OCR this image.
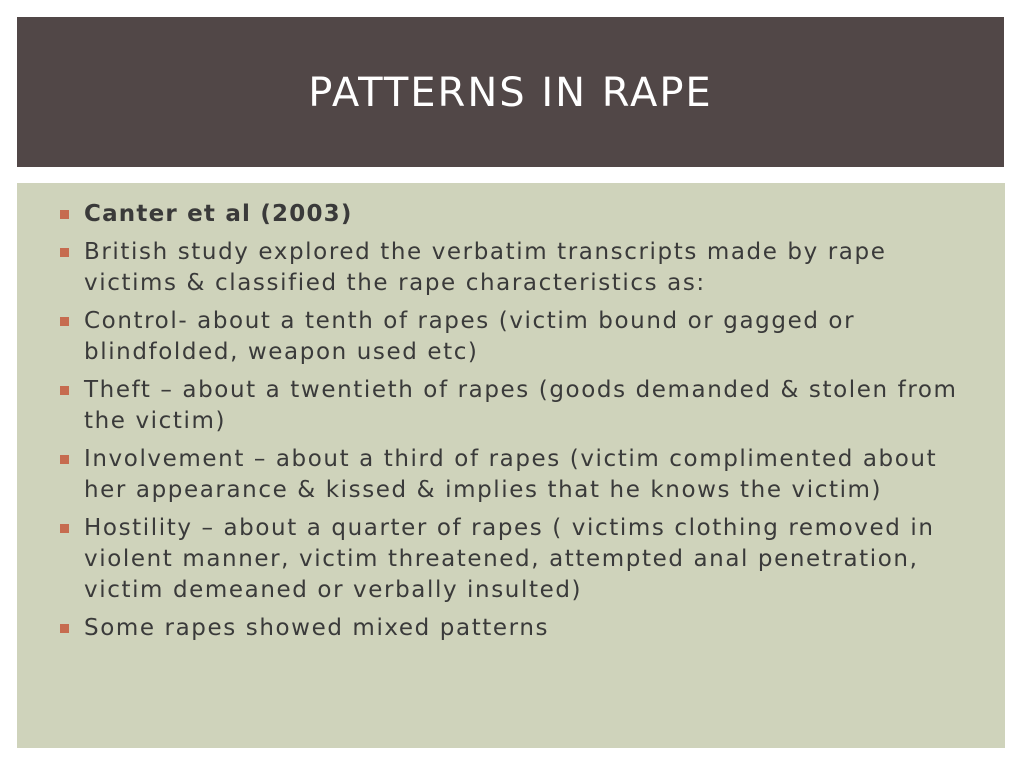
PATTERNS IN RAPE
Canter et al (2003)
British study explored the verbatim transcripts made by rape victims & classified the rape characteristics as:
Control- about a tenth of rapes (victim bound or gagged or blindfolded, weapon used etc)
Theft – about a twentieth of rapes (goods demanded & stolen from the victim)
Involvement – about a third of rapes (victim complimented about her appearance & kissed & implies that he knows the victim)
Hostility – about a quarter of rapes ( victims clothing removed in violent manner, victim threatened, attempted anal penetration, victim demeaned or verbally insulted)
Some rapes showed mixed patterns
